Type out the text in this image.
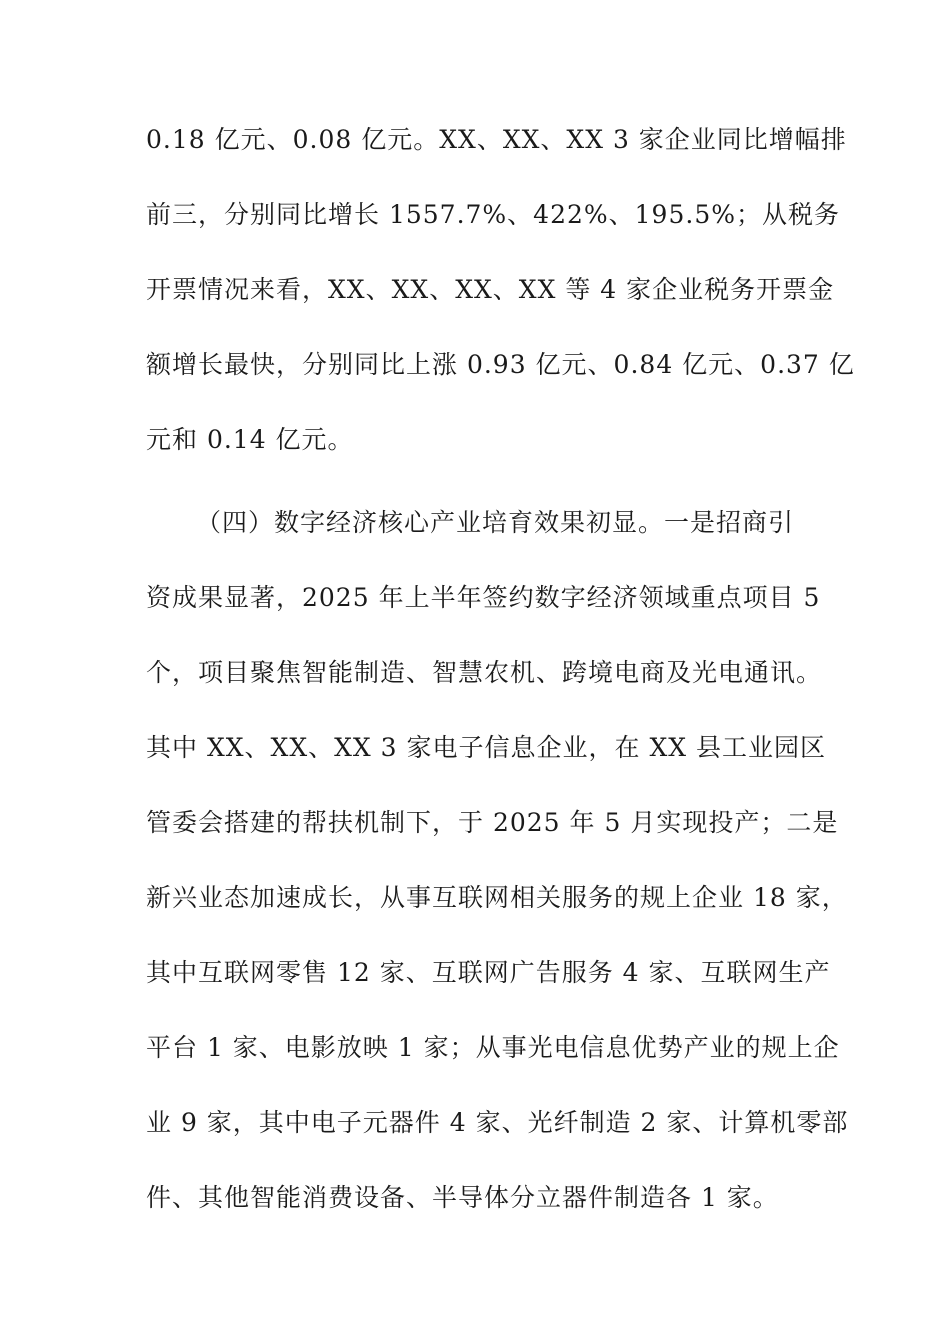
0.18 亿元、0.08 亿元。XX、XX、XX 3 家企业同比增幅排
前三，分别同比增长 1557.7%、422%、195.5%；从税务
开票情况来看，XX、XX、XX、XX 等 4 家企业税务开票金
额增长最快，分别同比上涨 0.93 亿元、0.84 亿元、0.37 亿
元和 0.14 亿元。
（四）数字经济核心产业培育效果初显。一是招商引
资成果显著，2025 年上半年签约数字经济领域重点项目 5
个，项目聚焦智能制造、智慧农机、跨境电商及光电通讯。
其中 XX、XX、XX 3 家电子信息企业，在 XX 县工业园区
管委会搭建的帮扶机制下，于 2025 年 5 月实现投产；二是
新兴业态加速成长，从事互联网相关服务的规上企业 18 家，
其中互联网零售 12 家、互联网广告服务 4 家、互联网生产
平台 1 家、电影放映 1 家；从事光电信息优势产业的规上企
业 9 家，其中电子元器件 4 家、光纤制造 2 家、计算机零部
件、其他智能消费设备、半导体分立器件制造各 1 家。
